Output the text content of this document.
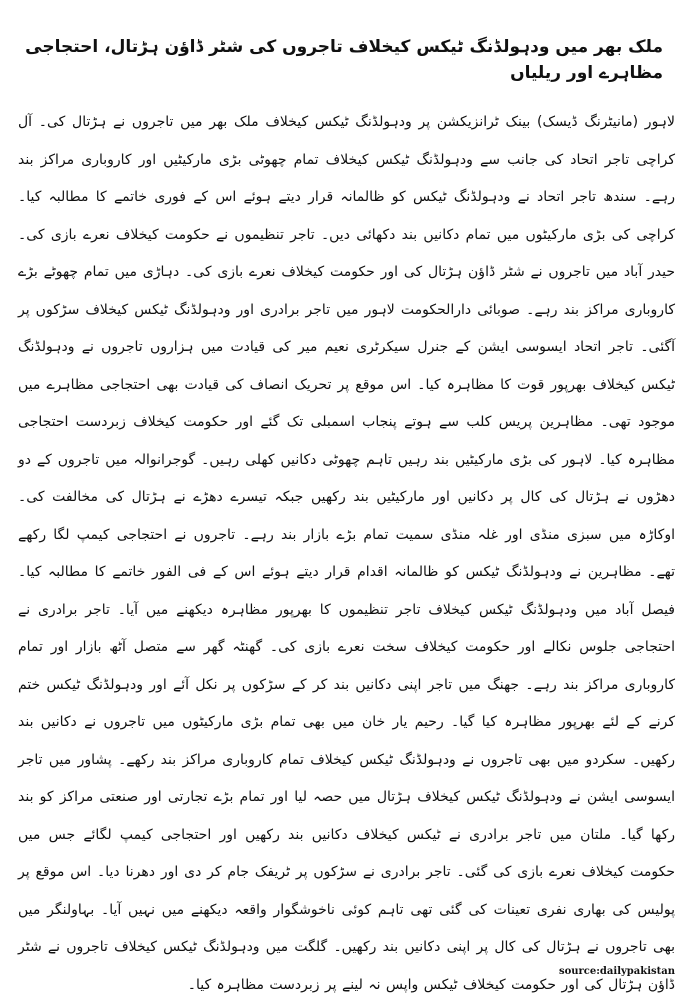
ملک بھر میں ودہولڈنگ ٹیکس کیخلاف تاجروں کی شٹر ڈاؤن ہڑتال، احتجاجی مظاہرے اور ریلیاں

لاہور (مانیٹرنگ ڈیسک) بینک ٹرانزیکشن پر ودہولڈنگ ٹیکس کیخلاف ملک بھر میں تاجروں نے ہڑتال کی۔ آل کراچی تاجر اتحاد کی جانب سے ودہولڈنگ ٹیکس کیخلاف تمام چھوٹی بڑی مارکیٹیں اور کاروباری مراکز بند رہے۔ سندھ تاجر اتحاد نے ودہولڈنگ ٹیکس کو ظالمانہ قرار دیتے ہوئے اس کے فوری خاتمے کا مطالبہ کیا۔ کراچی کی بڑی مارکیٹوں میں تمام دکانیں بند دکھائی دیں۔ تاجر تنظیموں نے حکومت کیخلاف نعرے بازی کی۔ حیدر آباد میں تاجروں نے شٹر ڈاؤن ہڑتال کی اور حکومت کیخلاف نعرے بازی کی۔ دہاڑی میں تمام چھوٹے بڑے کاروباری مراکز بند رہے۔ صوبائی دارالحکومت لاہور میں تاجر برادری اور ودہولڈنگ ٹیکس کیخلاف سڑکوں پر آگئی۔ تاجر اتحاد ایسوسی ایشن کے جنرل سیکرٹری نعیم میر کی قیادت میں ہزاروں تاجروں نے ودہولڈنگ ٹیکس کیخلاف بھرپور قوت کا مظاہرہ کیا۔ اس موقع پر تحریک انصاف کی قیادت بھی احتجاجی مظاہرے میں موجود تھی۔ مظاہرین پریس کلب سے ہوتے پنجاب اسمبلی تک گئے اور حکومت کیخلاف زبردست احتجاجی مظاہرہ کیا۔ لاہور کی بڑی مارکیٹیں بند رہیں تاہم چھوٹی دکانیں کھلی رہیں۔ گوجرانوالہ میں تاجروں کے دو دھڑوں نے ہڑتال کی کال پر دکانیں اور مارکیٹیں بند رکھیں جبکہ تیسرے دھڑے نے ہڑتال کی مخالفت کی۔ اوکاڑہ میں سبزی منڈی اور غلہ منڈی سمیت تمام بڑے بازار بند رہے۔ تاجروں نے احتجاجی کیمپ لگا رکھے تھے۔ مظاہرین نے ودہولڈنگ ٹیکس کو ظالمانہ اقدام قرار دیتے ہوئے اس کے فی الفور خاتمے کا مطالبہ کیا۔ فیصل آباد میں ودہولڈنگ ٹیکس کیخلاف تاجر تنظیموں کا بھرپور مظاہرہ دیکھنے میں آیا۔ تاجر برادری نے احتجاجی جلوس نکالے اور حکومت کیخلاف سخت نعرے بازی کی۔ گھنٹہ گھر سے متصل آٹھ بازار اور تمام کاروباری مراکز بند رہے۔ جھنگ میں تاجر اپنی دکانیں بند کر کے سڑکوں پر نکل آئے اور ودہولڈنگ ٹیکس ختم کرنے کے لئے بھرپور مظاہرہ کیا گیا۔ رحیم یار خان میں بھی تمام بڑی مارکیٹوں میں تاجروں نے دکانیں بند رکھیں۔ سکردو میں بھی تاجروں نے ودہولڈنگ ٹیکس کیخلاف تمام کاروباری مراکز بند رکھے۔ پشاور میں تاجر ایسوسی ایشن نے ودہولڈنگ ٹیکس کیخلاف ہڑتال میں حصہ لیا اور تمام بڑے تجارتی اور صنعتی مراکز کو بند رکھا گیا۔ ملتان میں تاجر برادری نے ٹیکس کیخلاف دکانیں بند رکھیں اور احتجاجی کیمپ لگائے جس میں حکومت کیخلاف نعرے بازی کی گئی۔ تاجر برادری نے سڑکوں پر ٹریفک جام کر دی اور دھرنا دیا۔ اس موقع پر پولیس کی بھاری نفری تعینات کی گئی تھی تاہم کوئی ناخوشگوار واقعہ دیکھنے میں نہیں آیا۔ بہاولنگر میں بھی تاجروں نے ہڑتال کی کال پر اپنی دکانیں بند رکھیں۔ گلگت میں ودہولڈنگ ٹیکس کیخلاف تاجروں نے شٹر ڈاؤن ہڑتال کی اور حکومت کیخلاف ٹیکس واپس نہ لینے پر زبردست مظاہرہ کیا۔

source:dailypakistan
